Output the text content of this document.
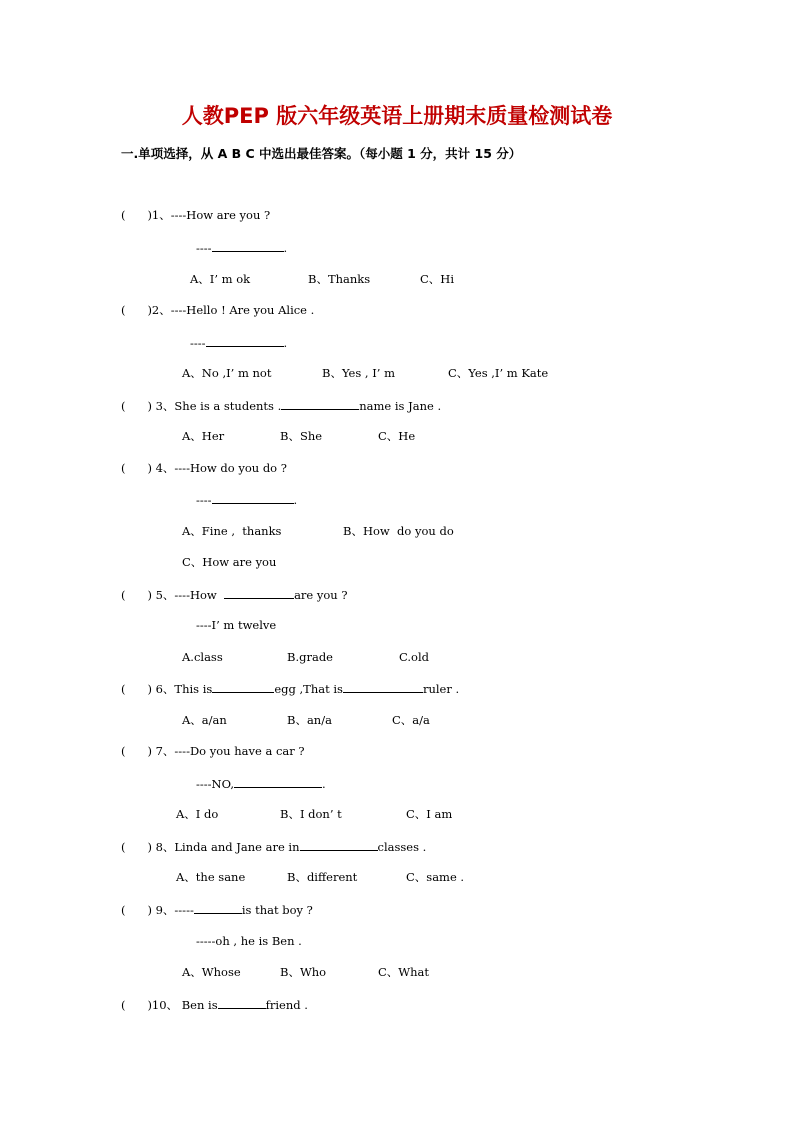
人教PEP 版六年级英语上册期末质量检测试卷
一.单项选择，从 A B C 中选出最佳答案。（每小题 1 分，共计 15 分）
( )1、----How are you ?
----	.
A、I’ m ok	B、Thanks	C、Hi
( )2、----Hello ! Are you Alice .
----	.
A、No ,I’ m not	B、Yes , I’ m	C、Yes ,I’ m Kate
( ) 3、She is a students .	name is Jane .
A、Her	B、She	C、He
( ) 4、----How do you do ?
----	.
A、Fine ,  thanks	B、How  do you do
C、How are you
( ) 5、----How	are you ?
----I’ m twelve
A.class	B.grade	C.old
( ) 6、This is	egg ,That is	ruler .
A、a/an	B、an/a	C、a/a
( ) 7、----Do you have a car ?
----NO,	.
A、I do	B、I don’ t	C、I am
( ) 8、Linda and Jane are in	classes .
A、the sane	B、different	C、same .
( ) 9、-----	is that boy ?
-----oh , he is Ben .
A、Whose	B、Who	C、What
( )10、 Ben is	friend .
